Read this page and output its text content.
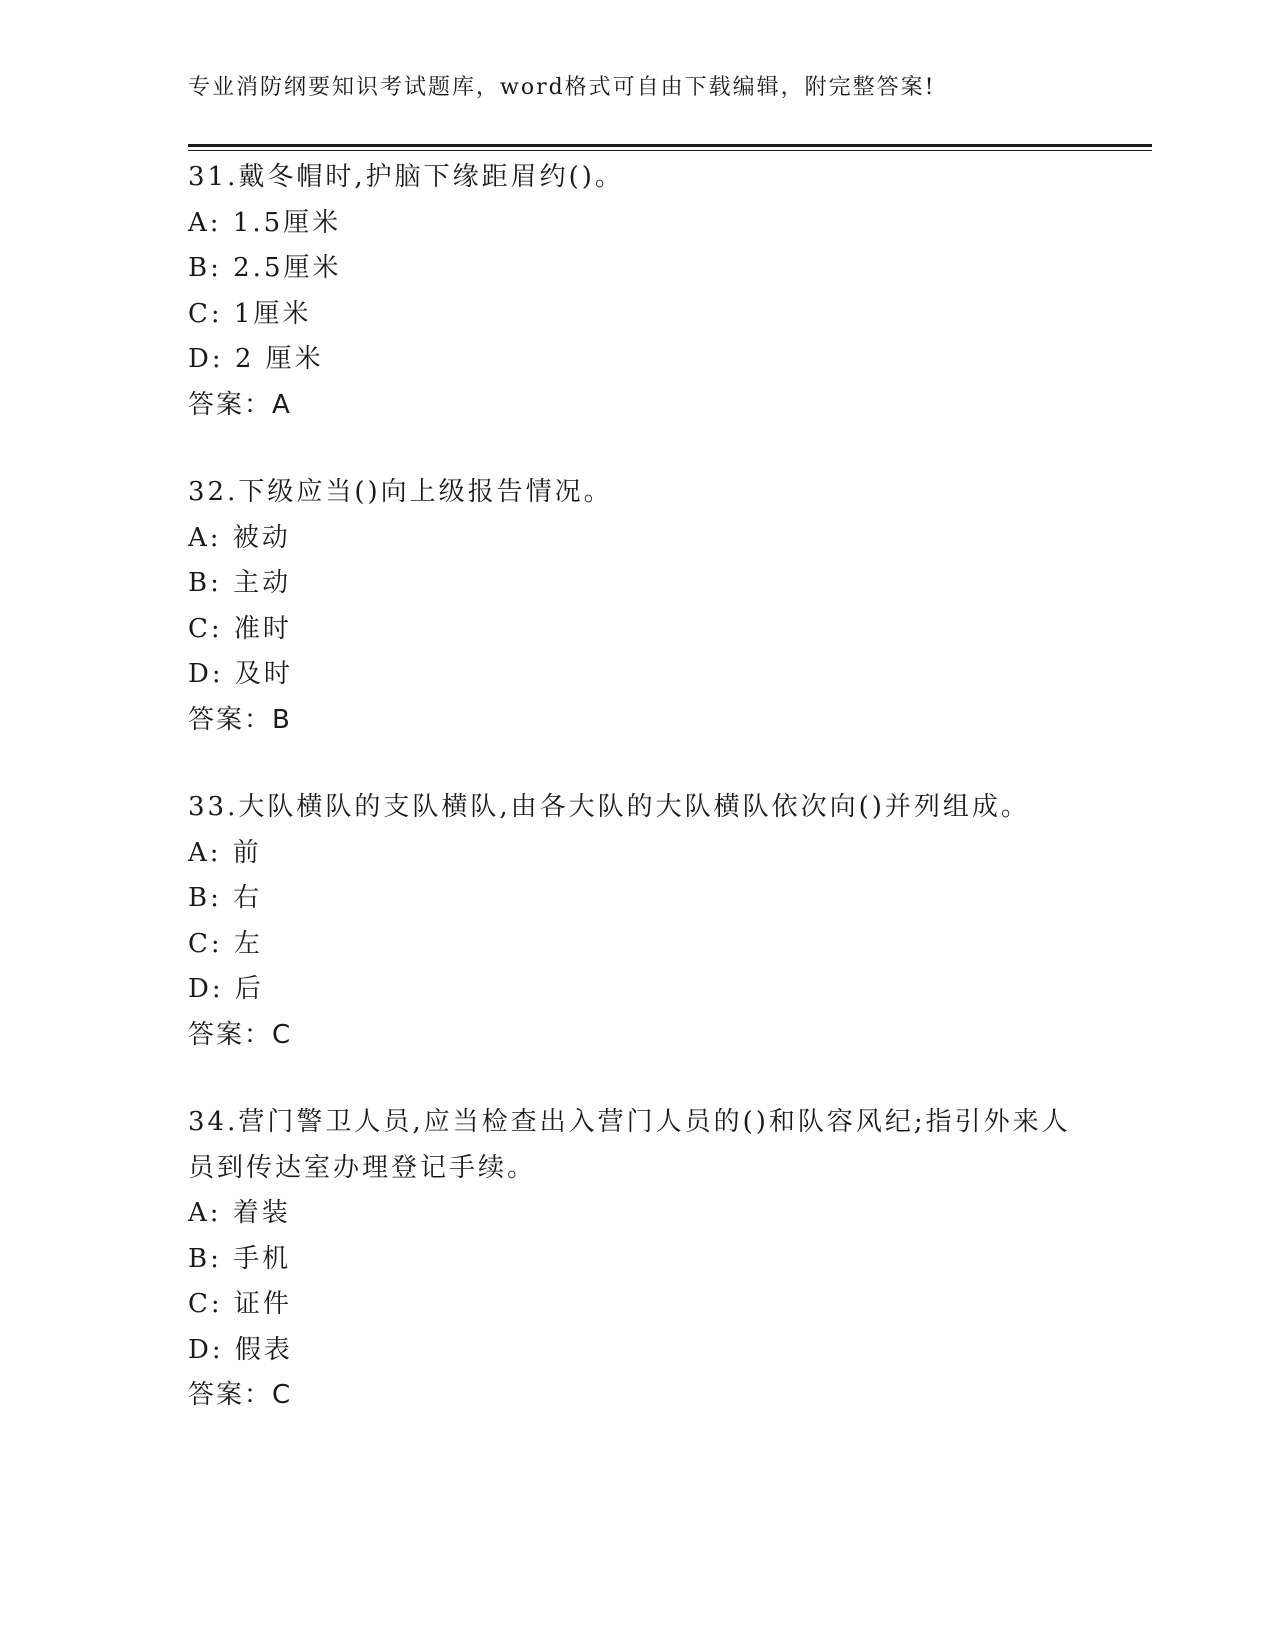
专业消防纲要知识考试题库，word格式可自由下载编辑，附完整答案!
31.戴冬帽时,护脑下缘距眉约()。
A: 1.5厘米
B: 2.5厘米
C: 1厘米
D: 2 厘米
答案：A
32.下级应当()向上级报告情况。
A: 被动
B: 主动
C: 准时
D: 及时
答案：B
33.大队横队的支队横队,由各大队的大队横队依次向()并列组成。
A: 前
B: 右
C: 左
D: 后
答案：C
34.营门警卫人员,应当检查出入营门人员的()和队容风纪;指引外来人员到传达室办理登记手续。
A: 着装
B: 手机
C: 证件
D: 假表
答案：C
